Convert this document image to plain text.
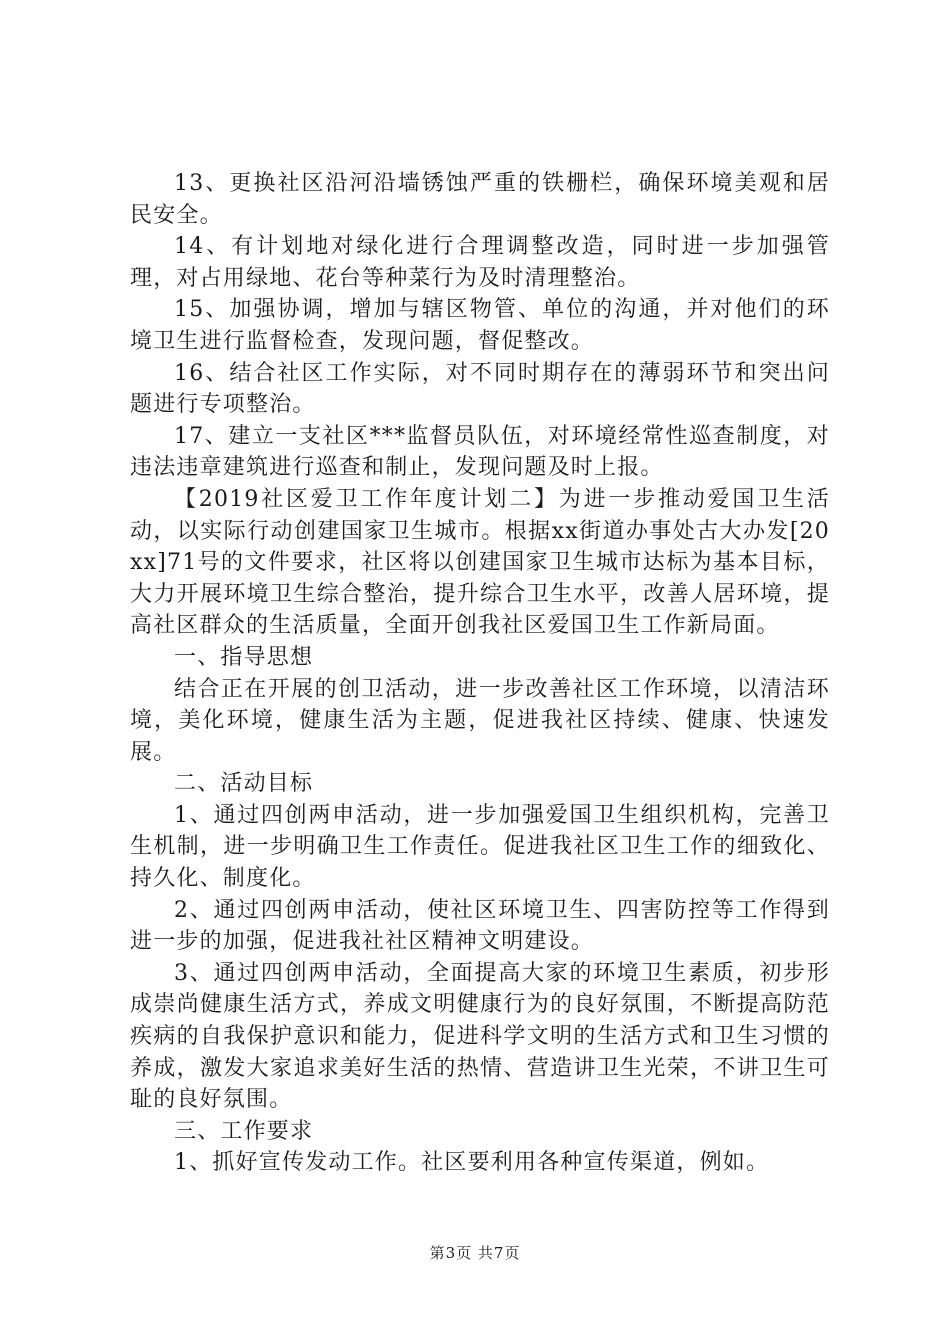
13、更换社区沿河沿墙锈蚀严重的铁栅栏，确保环境美观和居民安全。

14、有计划地对绿化进行合理调整改造，同时进一步加强管理，对占用绿地、花台等种菜行为及时清理整治。

15、加强协调，增加与辖区物管、单位的沟通，并对他们的环境卫生进行监督检查，发现问题，督促整改。

16、结合社区工作实际，对不同时期存在的薄弱环节和突出问题进行专项整治。

17、建立一支社区***监督员队伍，对环境经常性巡查制度，对违法违章建筑进行巡查和制止，发现问题及时上报。

【2019社区爱卫工作年度计划二】为进一步推动爱国卫生活动，以实际行动创建国家卫生城市。根据xx街道办事处古大办发[20xx]71号的文件要求，社区将以创建国家卫生城市达标为基本目标，大力开展环境卫生综合整治，提升综合卫生水平，改善人居环境，提高社区群众的生活质量，全面开创我社区爱国卫生工作新局面。

一、指导思想

结合正在开展的创卫活动，进一步改善社区工作环境，以清洁环境，美化环境，健康生活为主题，促进我社区持续、健康、快速发展。

二、活动目标

1、通过四创两申活动，进一步加强爱国卫生组织机构，完善卫生机制，进一步明确卫生工作责任。促进我社区卫生工作的细致化、持久化、制度化。

2、通过四创两申活动，使社区环境卫生、四害防控等工作得到进一步的加强，促进我社社区精神文明建设。

3、通过四创两申活动，全面提高大家的环境卫生素质，初步形成崇尚健康生活方式，养成文明健康行为的良好氛围，不断提高防范疾病的自我保护意识和能力，促进科学文明的生活方式和卫生习惯的养成，激发大家追求美好生活的热情、营造讲卫生光荣，不讲卫生可耻的良好氛围。

三、工作要求

1、抓好宣传发动工作。社区要利用各种宣传渠道，例如。

第3页 共7页
